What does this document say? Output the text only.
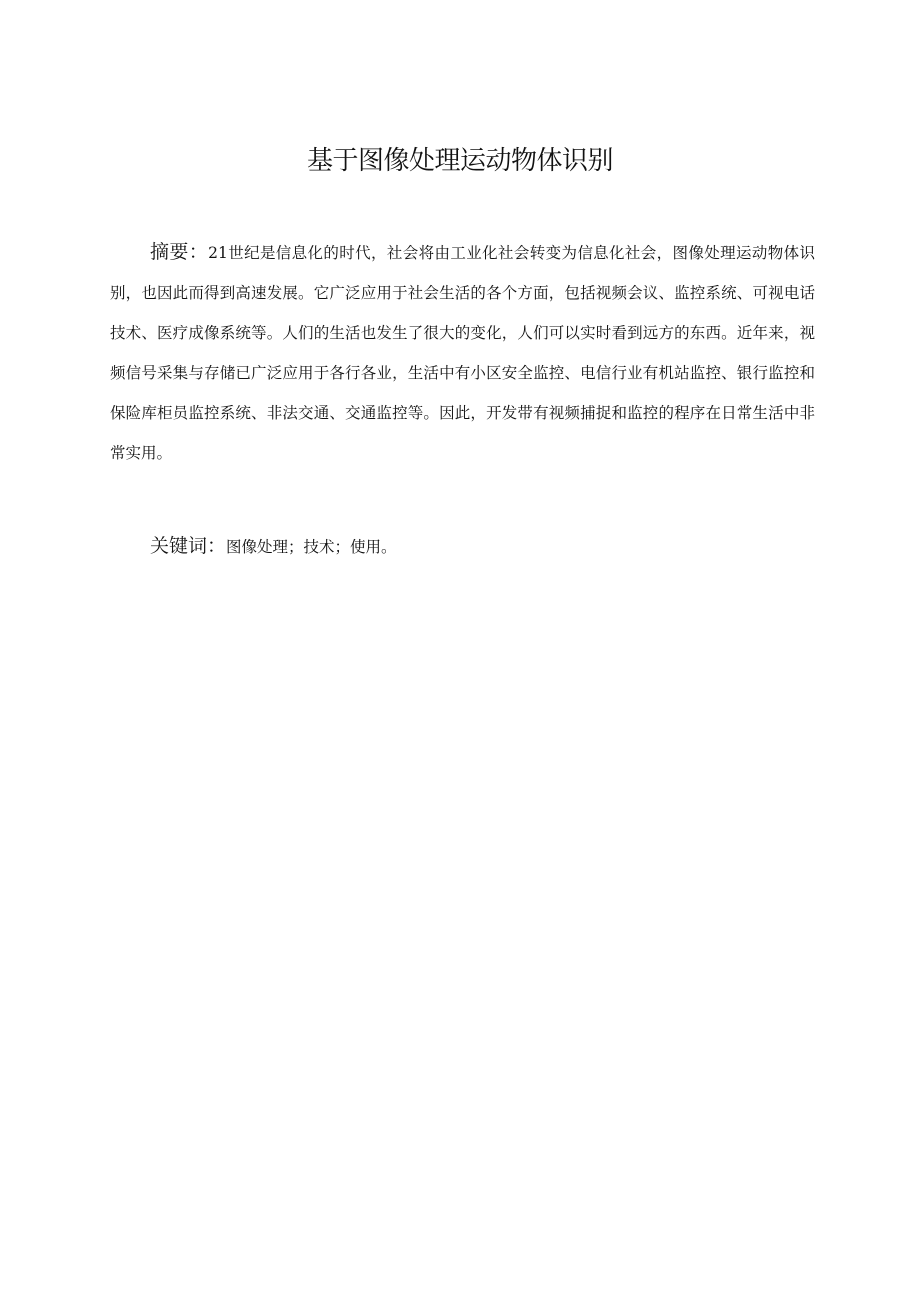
基于图像处理运动物体识别

摘要：21世纪是信息化的时代，社会将由工业化社会转变为信息化社会，图像处理运动物体识别，也因此而得到高速发展。它广泛应用于社会生活的各个方面，包括视频会议、监控系统、可视电话技术、医疗成像系统等。人们的生活也发生了很大的变化，人们可以实时看到远方的东西。近年来，视频信号采集与存储已广泛应用于各行各业，生活中有小区安全监控、电信行业有机站监控、银行监控和保险库柜员监控系统、非法交通、交通监控等。因此，开发带有视频捕捉和监控的程序在日常生活中非常实用。

关键词：图像处理；技术；使用。
